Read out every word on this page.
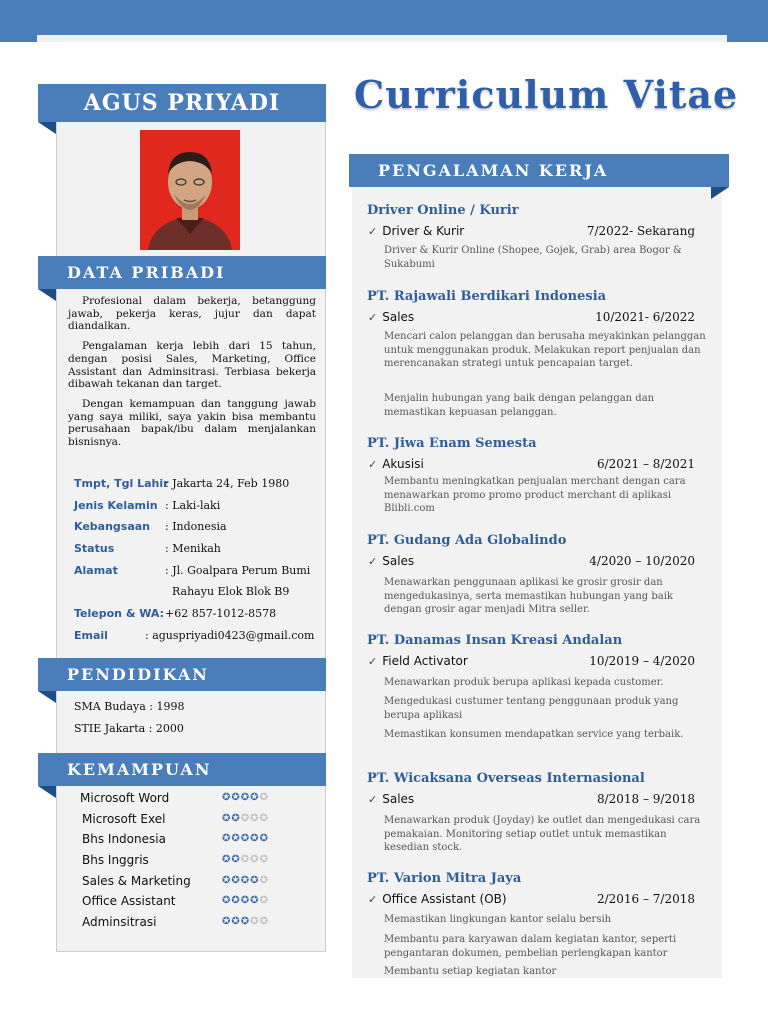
AGUS PRIYADI
DATA PRIBADI

Profesional dalam bekerja, betanggung jawab, pekerja keras, jujur dan dapat diandalkan.

Pengalaman kerja lebih dari 15 tahun, dengan posisi Sales, Marketing, Office Assistant dan Adminsitrasi. Terbiasa bekerja dibawah tekanan dan target.

Dengan kemampuan dan tanggung jawab yang saya miliki, saya yakin bisa membantu perusahaan bapak/ibu dalam menjalankan bisnisnya.

Tmpt, Tgl Lahir
: Jakarta 24, Feb 1980
Jenis Kelamin : Laki-laki
Kebangsaan : Indonesia
Status	: Menikah
Alamat	: Jl. Goalpara Perum Bumi
Rahayu Elok Blok B9
Telepon & WA: +62 857-1012-8578
Email	: aguspriyadi0423@gmail.com
PENDIDIKAN
SMA Budaya : 1998
STIE Jakarta : 2000
KEMAMPUAN
Microsoft Word	✪✪✪✪✪
Microsoft Exel	✪✪✪✪✪
Bhs Indonesia	✪✪✪✪✪
Bhs Inggris	✪✪✪✪✪
Sales & Marketing	✪✪✪✪✪
Office Assistant	✪✪✪✪✪
Adminsitrasi	✪✪✪✪✪
Curriculum Vitae
PENGALAMAN KERJA
Driver Online / Kurir
✓ Driver & Kurir	7/2022- Sekarang
Driver & Kurir Online (Shopee, Gojek, Grab) area Bogor & Sukabumi
PT. Rajawali Berdikari Indonesia
✓ Sales	10/2021- 6/2022
Mencari calon pelanggan dan berusaha meyakinkan pelanggan untuk menggunakan produk. Melakukan report penjualan dan merencanakan strategi untuk pencapaian target.
Menjalin hubungan yang baik dengan pelanggan dan memastikan kepuasan pelanggan.
PT. Jiwa Enam Semesta
✓ Akusisi	6/2021 – 8/2021
Membantu meningkatkan penjualan merchant dengan cara menawarkan promo promo product merchant di aplikasi Blibli.com
PT. Gudang Ada Globalindo
✓ Sales	4/2020 – 10/2020
Menawarkan penggunaan aplikasi ke grosir grosir dan mengedukasinya, serta memastikan hubungan yang baik dengan grosir agar menjadi Mitra seller.
PT. Danamas Insan Kreasi Andalan
✓ Field Activator	10/2019 – 4/2020
Menawarkan produk berupa aplikasi kepada customer.
Mengedukasi custumer tentang penggunaan produk yang berupa aplikasi
Memastikan konsumen mendapatkan service yang terbaik.
PT. Wicaksana Overseas Internasional
✓ Sales	8/2018 – 9/2018
Menawarkan produk (Joyday) ke outlet dan mengedukasi cara pemakaian. Monitoring setiap outlet untuk memastikan kesedian stock.
PT. Varion Mitra Jaya
✓ Office Assistant (OB)	2/2016 – 7/2018
Memastikan lingkungan kantor selalu bersih
Membantu para karyawan dalam kegiatan kantor, seperti pengantaran dokumen, pembelian perlengkapan kantor
Membantu setiap kegiatan kantor
